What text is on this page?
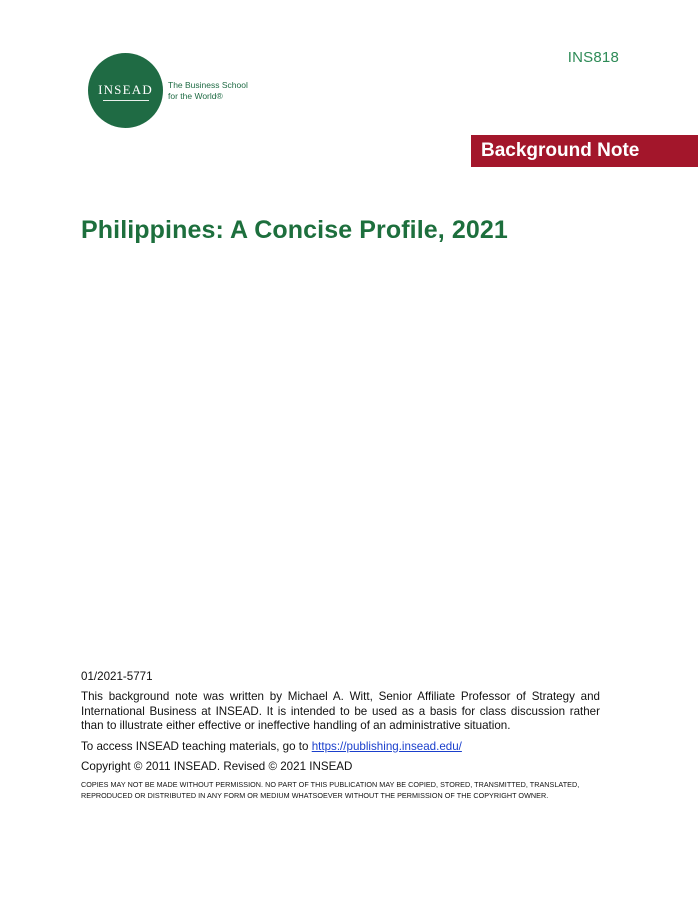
INS818
INSEAD The Business School
for the World®
Background Note
Philippines: A Concise Profile, 2021

01/2021-5771

This background note was written by Michael A. Witt, Senior Affiliate Professor of Strategy and International Business at INSEAD. It is intended to be used as a basis for class discussion rather than to illustrate either effective or ineffective handling of an administrative situation.

To access INSEAD teaching materials, go to https://publishing.insead.edu/

Copyright © 2011 INSEAD. Revised © 2021 INSEAD

COPIES MAY NOT BE MADE WITHOUT PERMISSION. NO PART OF THIS PUBLICATION MAY BE COPIED, STORED, TRANSMITTED, TRANSLATED, REPRODUCED OR DISTRIBUTED IN ANY FORM OR MEDIUM WHATSOEVER WITHOUT THE PERMISSION OF THE COPYRIGHT OWNER.
